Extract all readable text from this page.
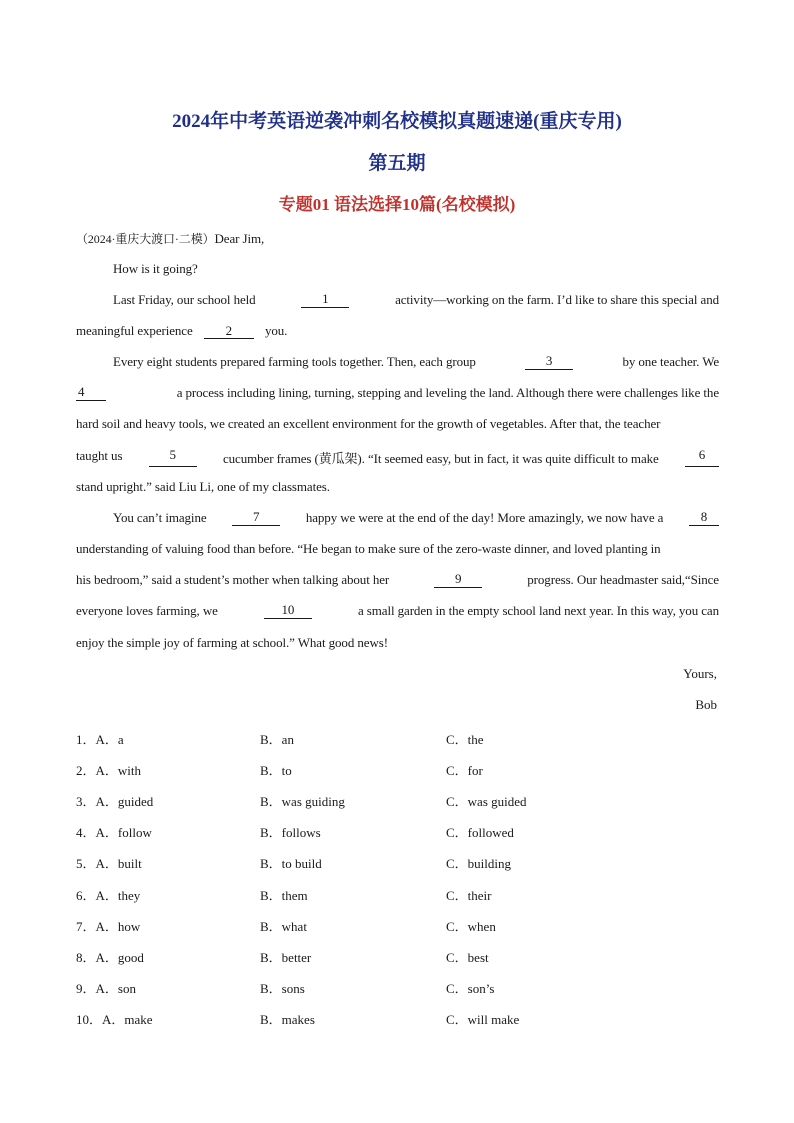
2024年中考英语逆袭冲刺名校模拟真题速递(重庆专用)
第五期
专题01 语法选择10篇(名校模拟)
（2024·重庆大渡口·二模）Dear Jim,
How is it going?
Last Friday, our school held	1	activity—working on the farm. I’d like to share this special and
meaningful experience	2	you.
Every eight students prepared farming tools together. Then, each group	3	by one teacher. We
4	a process including lining, turning, stepping and leveling the land. Although there were challenges like the
hard soil and heavy tools, we created an excellent environment for the growth of vegetables. After that, the teacher
taught us	5	cucumber frames (黄瓜架). “It seemed easy, but in fact, it was quite difficult to make	6
stand upright.” said Liu Li, one of my classmates.
You can’t imagine	7	happy we were at the end of the day! More amazingly, we now have a	8
understanding of valuing food than before. “He began to make sure of the zero-waste dinner, and loved planting in
his bedroom,” said a student’s mother when talking about her	9	progress. Our headmaster said,“Since
everyone loves farming, we	10	a small garden in the empty school land next year. In this way, you can
enjoy the simple joy of farming at school.” What good news!
Yours,
Bob
1．A．a	B．an	C．the
2．A．with	B．to	C．for
3．A．guided	B．was guiding	C．was guided
4．A．follow	B．follows	C．followed
5．A．built	B．to build	C．building
6．A．they	B．them	C．their
7．A．how	B．what	C．when
8．A．good	B．better	C．best
9．A．son	B．sons	C．son’s
10．A．make	B．makes	C．will make
